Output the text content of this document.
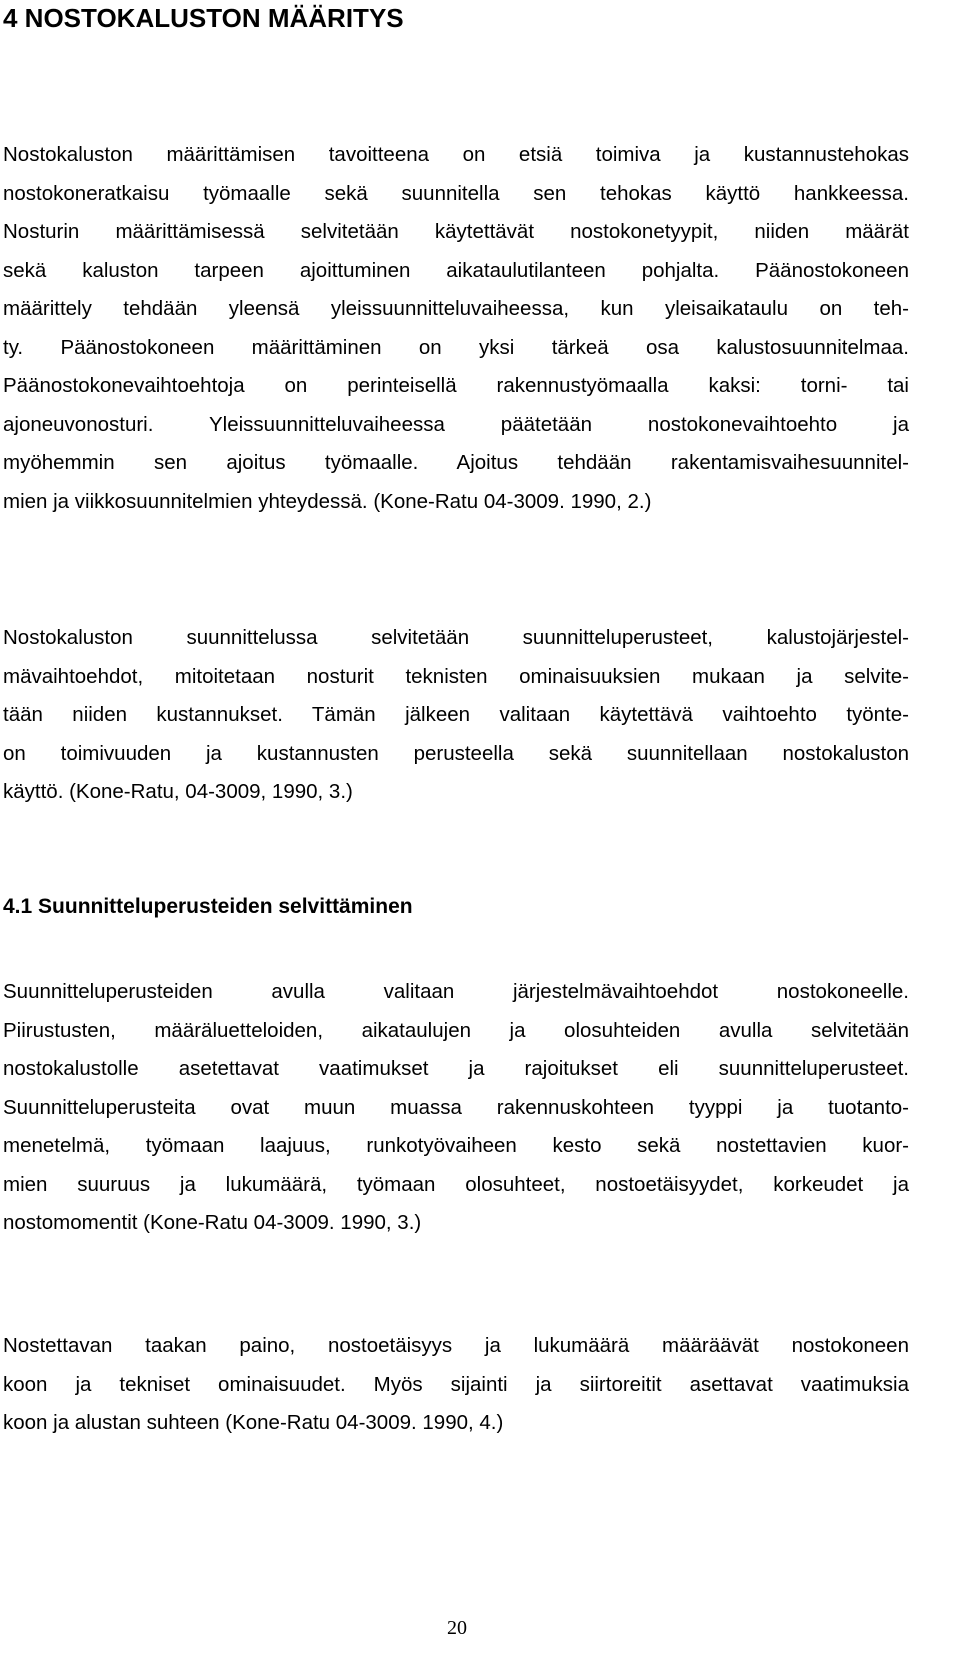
4 NOSTOKALUSTON MÄÄRITYS

Nostokaluston määrittämisen tavoitteena on etsiä toimiva ja kustannustehokas
nostokoneratkaisu työmaalle sekä suunnitella sen tehokas käyttö hankkeessa.
Nosturin määrittämisessä selvitetään käytettävät nostokonetyypit, niiden määrät
sekä kaluston tarpeen ajoittuminen aikataulutilanteen pohjalta. Päänostokoneen
määrittely tehdään yleensä yleissuunnitteluvaiheessa, kun yleisaikataulu on teh-
ty. Päänostokoneen määrittäminen on yksi tärkeä osa kalustosuunnitelmaa.
Päänostokonevaihtoehtoja on perinteisellä rakennustyömaalla kaksi: torni- tai
ajoneuvonosturi. Yleissuunnitteluvaiheessa päätetään nostokonevaihtoehto ja
myöhemmin sen ajoitus työmaalle. Ajoitus tehdään rakentamisvaihesuunnitel-
mien ja viikkosuunnitelmien yhteydessä. (Kone-Ratu 04-3009. 1990, 2.)

Nostokaluston suunnittelussa selvitetään suunnitteluperusteet, kalustojärjestel-
mävaihtoehdot, mitoitetaan nosturit teknisten ominaisuuksien mukaan ja selvite-
tään niiden kustannukset. Tämän jälkeen valitaan käytettävä vaihtoehto työnte-
on toimivuuden ja kustannusten perusteella sekä suunnitellaan nostokaluston
käyttö. (Kone-Ratu, 04-3009, 1990, 3.)

4.1 Suunnitteluperusteiden selvittäminen

Suunnitteluperusteiden avulla valitaan järjestelmävaihtoehdot nostokoneelle.
Piirustusten, määräluetteloiden, aikataulujen ja olosuhteiden avulla selvitetään
nostokalustolle asetettavat vaatimukset ja rajoitukset eli suunnitteluperusteet.
Suunnitteluperusteita ovat muun muassa rakennuskohteen tyyppi ja tuotanto-
menetelmä, työmaan laajuus, runkotyövaiheen kesto sekä nostettavien kuor-
mien suuruus ja lukumäärä, työmaan olosuhteet, nostoetäisyydet, korkeudet ja
nostomomentit (Kone-Ratu 04-3009. 1990, 3.)

Nostettavan taakan paino, nostoetäisyys ja lukumäärä määräävät nostokoneen
koon ja tekniset ominaisuudet. Myös sijainti ja siirtoreitit asettavat vaatimuksia
koon ja alustan suhteen (Kone-Ratu 04-3009. 1990, 4.)

20
